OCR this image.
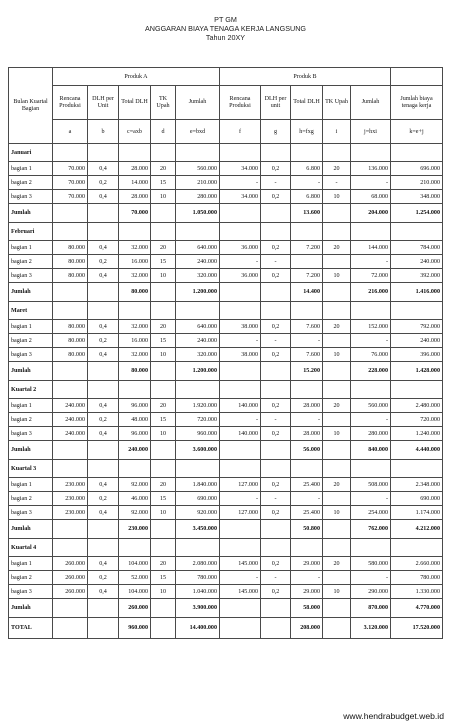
PT GM
ANGGARAN BIAYA TENAGA KERJA LANGSUNG
Tahun 20XY
Bulan Kuartal Bagian	Produk A					Produk B					
	Rencana Produksi	DLH per Unit	Total DLH	TK Upah	Jumlah	Rencana Produksi	DLH per unit	Total DLH	TK Upah	Jumlah	Jumlah biaya tenaga kerja
	a	b	c=axb	d	e=bxd	f	g	h=fxg	i	j=hxi	k=e+j
Januari											
bagian 1	70.000	0,4	28.000	20	560.000	34.000	0,2	6.800	20	136.000	696.000
bagian 2	70.000	0,2	14.000	15	210.000	-	-	-	-	-	210.000
bagian 3	70.000	0,4	28.000	10	280.000	34.000	0,2	6.800	10	68.000	348.000
Jumlah			70.000		1.050.000			13.600		204.000	1.254.000
Februari											
bagian 1	80.000	0,4	32.000	20	640.000	36.000	0,2	7.200	20	144.000	784.000
bagian 2	80.000	0,2	16.000	15	240.000	-	-			-	240.000
bagian 3	80.000	0,4	32.000	10	320.000	36.000	0,2	7.200	10	72.000	392.000
Jumlah			80.000		1.200.000			14.400		216.000	1.416.000
Maret											
bagian 1	80.000	0,4	32.000	20	640.000	38.000	0,2	7.600	20	152.000	792.000
bagian 2	80.000	0,2	16.000	15	240.000	-	-	-		-	240.000
bagian 3	80.000	0,4	32.000	10	320.000	38.000	0,2	7.600	10	76.000	396.000
Jumlah			80.000		1.200.000			15.200		228.000	1.428.000
Kuartal 2											
bagian 1	240.000	0,4	96.000	20	1.920.000	140.000	0,2	28.000	20	560.000	2.480.000
bagian 2	240.000	0,2	48.000	15	720.000	-	-	-		-	720.000
bagian 3	240.000	0,4	96.000	10	960.000	140.000	0,2	28.000	10	280.000	1.240.000
Jumlah			240.000		3.600.000			56.000		840.000	4.440.000
Kuartal 3											
bagian 1	230.000	0,4	92.000	20	1.840.000	127.000	0,2	25.400	20	508.000	2.348.000
bagian 2	230.000	0,2	46.000	15	690.000	-	-	-		-	690.000
bagian 3	230.000	0,4	92.000	10	920.000	127.000	0,2	25.400	10	254.000	1.174.000
Jumlah			230.000		3.450.000			50.800		762.000	4.212.000
Kuartal 4											
bagian 1	260.000	0,4	104.000	20	2.080.000	145.000	0,2	29.000	20	580.000	2.660.000
bagian 2	260.000	0,2	52.000	15	780.000	-	-	-		-	780.000
bagian 3	260.000	0,4	104.000	10	1.040.000	145.000	0,2	29.000	10	290.000	1.330.000
Jumlah			260.000		3.900.000			58.000		870.000	4.770.000
TOTAL			960.000		14.400.000			208.000		3.120.000	17.520.000
www.hendrabudget.web.id
